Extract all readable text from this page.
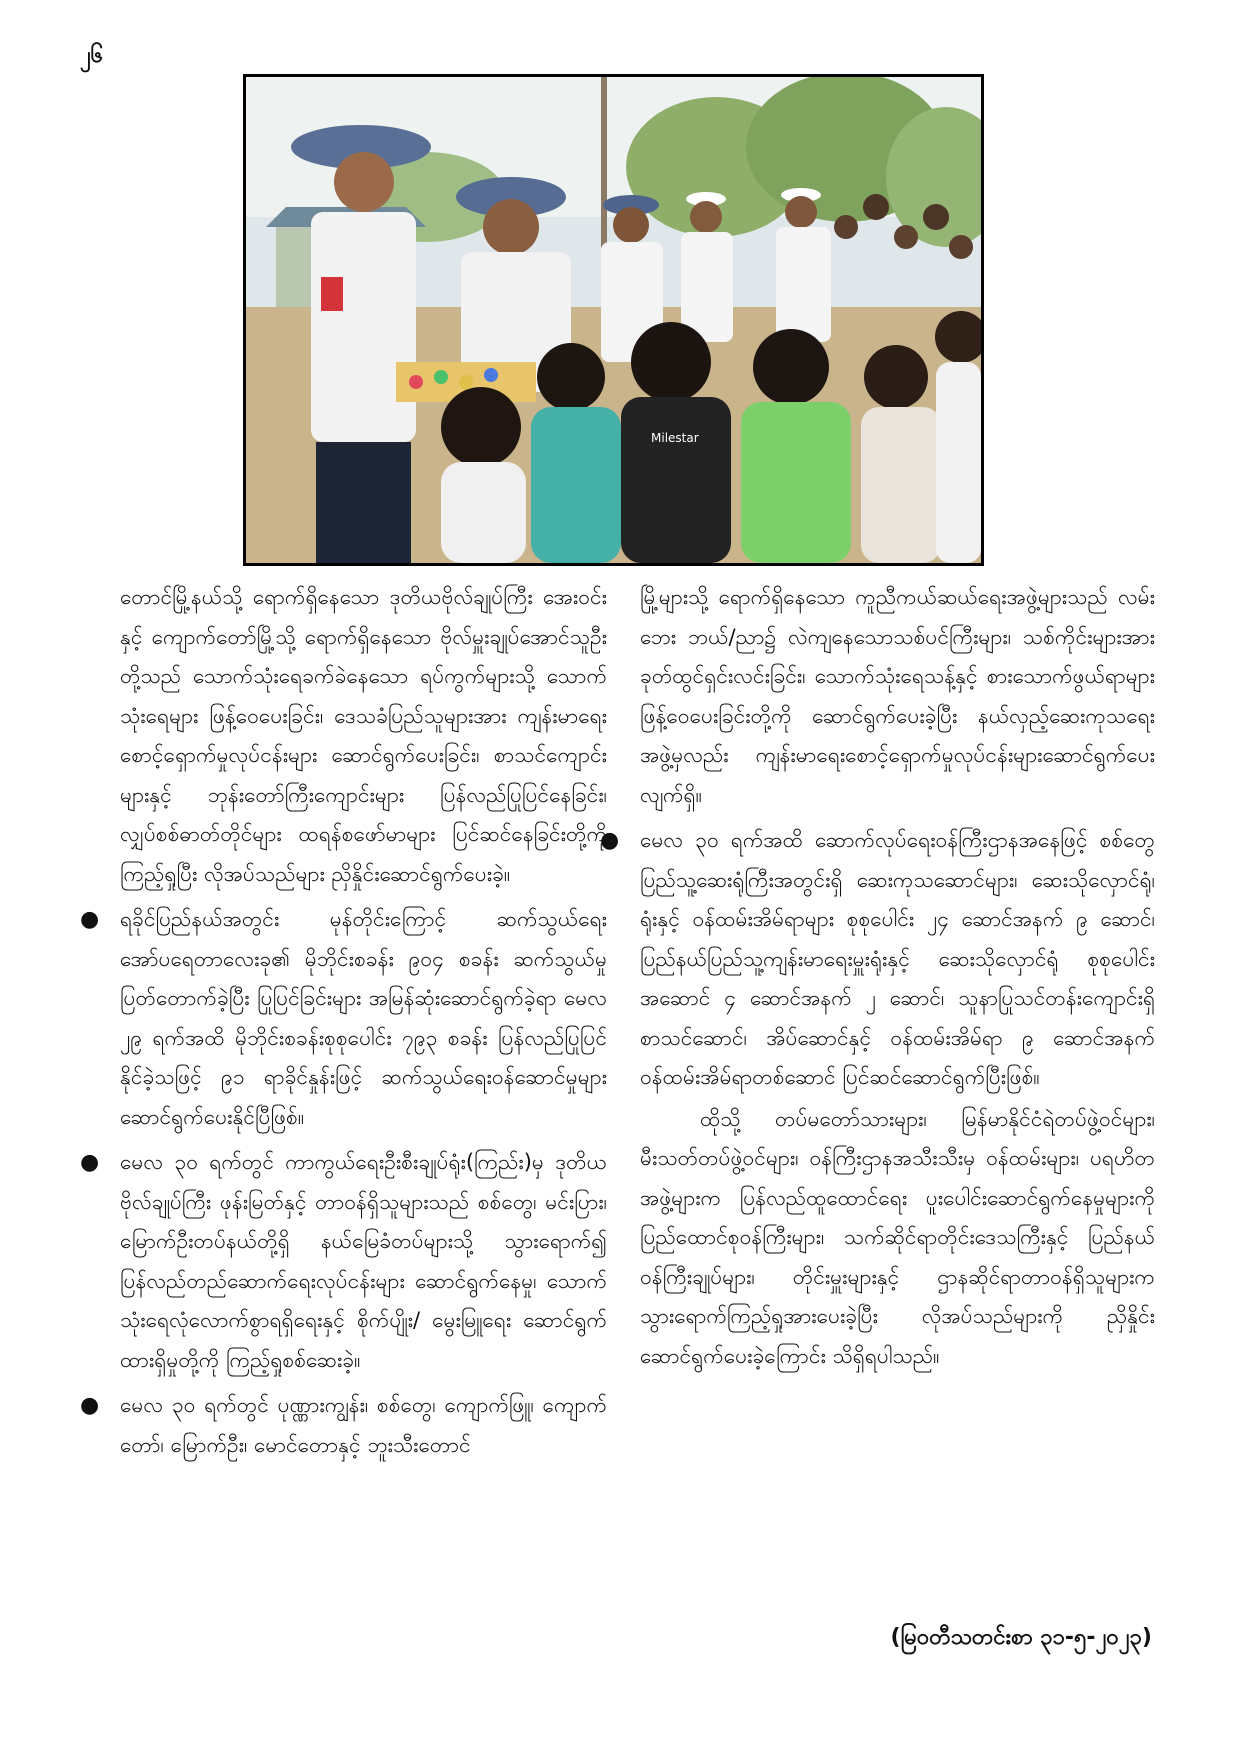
၂၆
Milestar

တောင်မြို့နယ်သို့ ရောက်ရှိနေသော ဒုတိယဗိုလ်ချုပ်ကြီး အေးဝင်းနှင့် ကျောက်တော်မြို့သို့ ရောက်ရှိနေသော ဗိုလ်မှူးချုပ်အောင်သူဦးတို့သည် သောက်သုံးရေခက်ခဲနေသော ရပ်ကွက်များသို့ သောက်သုံးရေများ ဖြန့်ဝေပေးခြင်း၊ ဒေသခံပြည်သူများအား ကျန်းမာရေးစောင့်ရှောက်မှုလုပ်ငန်းများ ဆောင်ရွက်ပေးခြင်း၊ စာသင်ကျောင်းများနှင့် ဘုန်းတော်ကြီးကျောင်းများ ပြန်လည်ပြုပြင်နေခြင်း၊ လျှပ်စစ်ဓာတ်တိုင်များ ထရန်စဖော်မာများ ပြင်ဆင်နေခြင်းတို့ကို ကြည့်ရှုပြီး လိုအပ်သည်များ ညှိနှိုင်းဆောင်ရွက်ပေးခဲ့။

● ရခိုင်ပြည်နယ်အတွင်း မုန်တိုင်းကြောင့် ဆက်သွယ်ရေး အော်ပရေတာလေးခု၏ မိုဘိုင်းစခန်း ၉၀၄ စခန်း ဆက်သွယ်မှုပြတ်တောက်ခဲ့ပြီး ပြုပြင်ခြင်းများ အမြန်ဆုံးဆောင်ရွက်ခဲ့ရာ မေလ ၂၉ ရက်အထိ မိုဘိုင်းစခန်းစုစုပေါင်း ၇၉၃ စခန်း ပြန်လည်ပြုပြင်နိုင်ခဲ့သဖြင့် ၉၁ ရာခိုင်နှုန်းဖြင့် ဆက်သွယ်ရေးဝန်ဆောင်မှုများ ဆောင်ရွက်ပေးနိုင်ပြီဖြစ်။
● မေလ ၃၀ ရက်တွင် ကာကွယ်ရေးဦးစီးချုပ်ရုံး(ကြည်း)မှ ဒုတိယဗိုလ်ချုပ်ကြီး ဖုန်းမြတ်နှင့် တာဝန်ရှိသူများသည် စစ်တွေ၊ မင်းပြား၊ မြောက်ဦးတပ်နယ်တို့ရှိ နယ်မြေခံတပ်များသို့ သွားရောက်၍ ပြန်လည်တည်ဆောက်ရေးလုပ်ငန်းများ ဆောင်ရွက်နေမှု၊ သောက်သုံးရေလုံလောက်စွာရရှိရေးနှင့် စိုက်ပျိုး/ မွေးမြူရေး ဆောင်ရွက်ထားရှိမှုတို့ကို ကြည့်ရှုစစ်ဆေးခဲ့။
● မေလ ၃၀ ရက်တွင် ပုဏ္ဏားကျွန်း၊ စစ်တွေ၊ ကျောက်ဖြူ၊ ကျောက်တော်၊ မြောက်ဦး၊ မောင်တောနှင့် ဘူးသီးတောင်

မြို့များသို့ ရောက်ရှိနေသော ကူညီကယ်ဆယ်ရေးအဖွဲ့များသည် လမ်းဘေး ဘယ်/ညာ၌ လဲကျနေသောသစ်ပင်ကြီးများ၊ သစ်ကိုင်းများအား ခုတ်ထွင်ရှင်းလင်းခြင်း၊ သောက်သုံးရေသန့်နှင့် စားသောက်ဖွယ်ရာများ ဖြန့်ဝေပေးခြင်းတို့ကို ဆောင်ရွက်ပေးခဲ့ပြီး နယ်လှည့်ဆေးကုသရေးအဖွဲ့မှလည်း ကျန်းမာရေးစောင့်ရှောက်မှုလုပ်ငန်းများဆောင်ရွက်ပေးလျက်ရှိ။

● မေလ ၃၀ ရက်အထိ ဆောက်လုပ်ရေးဝန်ကြီးဌာနအနေဖြင့် စစ်တွေပြည်သူ့ဆေးရုံကြီးအတွင်းရှိ ဆေးကုသဆောင်များ၊ ဆေးသိုလှောင်ရုံ၊ ရုံးနှင့် ဝန်ထမ်းအိမ်ရာများ စုစုပေါင်း ၂၄ ဆောင်အနက် ၉ ဆောင်၊ ပြည်နယ်ပြည်သူ့ကျန်းမာရေးမှူးရုံးနှင့် ဆေးသိုလှောင်ရုံ စုစုပေါင်းအဆောင် ၄ ဆောင်အနက် ၂ ဆောင်၊ သူနာပြုသင်တန်းကျောင်းရှိ စာသင်ဆောင်၊ အိပ်ဆောင်နှင့် ဝန်ထမ်းအိမ်ရာ ၉ ဆောင်အနက် ဝန်ထမ်းအိမ်ရာတစ်ဆောင် ပြင်ဆင်ဆောင်ရွက်ပြီးဖြစ်။

ထိုသို့ တပ်မတော်သားများ၊ မြန်မာနိုင်ငံရဲတပ်ဖွဲ့ဝင်များ၊ မီးသတ်တပ်ဖွဲ့ဝင်များ၊ ဝန်ကြီးဌာနအသီးသီးမှ ဝန်ထမ်းများ၊ ပရဟိတအဖွဲ့များက ပြန်လည်ထူထောင်ရေး ပူးပေါင်းဆောင်ရွက်နေမှုများကို ပြည်ထောင်စုဝန်ကြီးများ၊ သက်ဆိုင်ရာတိုင်းဒေသကြီးနှင့် ပြည်နယ်ဝန်ကြီးချုပ်များ၊ တိုင်းမှူးများနှင့် ဌာနဆိုင်ရာတာဝန်ရှိသူများက သွားရောက်ကြည့်ရှုအားပေးခဲ့ပြီး လိုအပ်သည်များကို ညှိနှိုင်းဆောင်ရွက်ပေးခဲ့ကြောင်း သိရှိရပါသည်။

(မြဝတီသတင်းစာ ၃၁-၅-၂၀၂၃)
